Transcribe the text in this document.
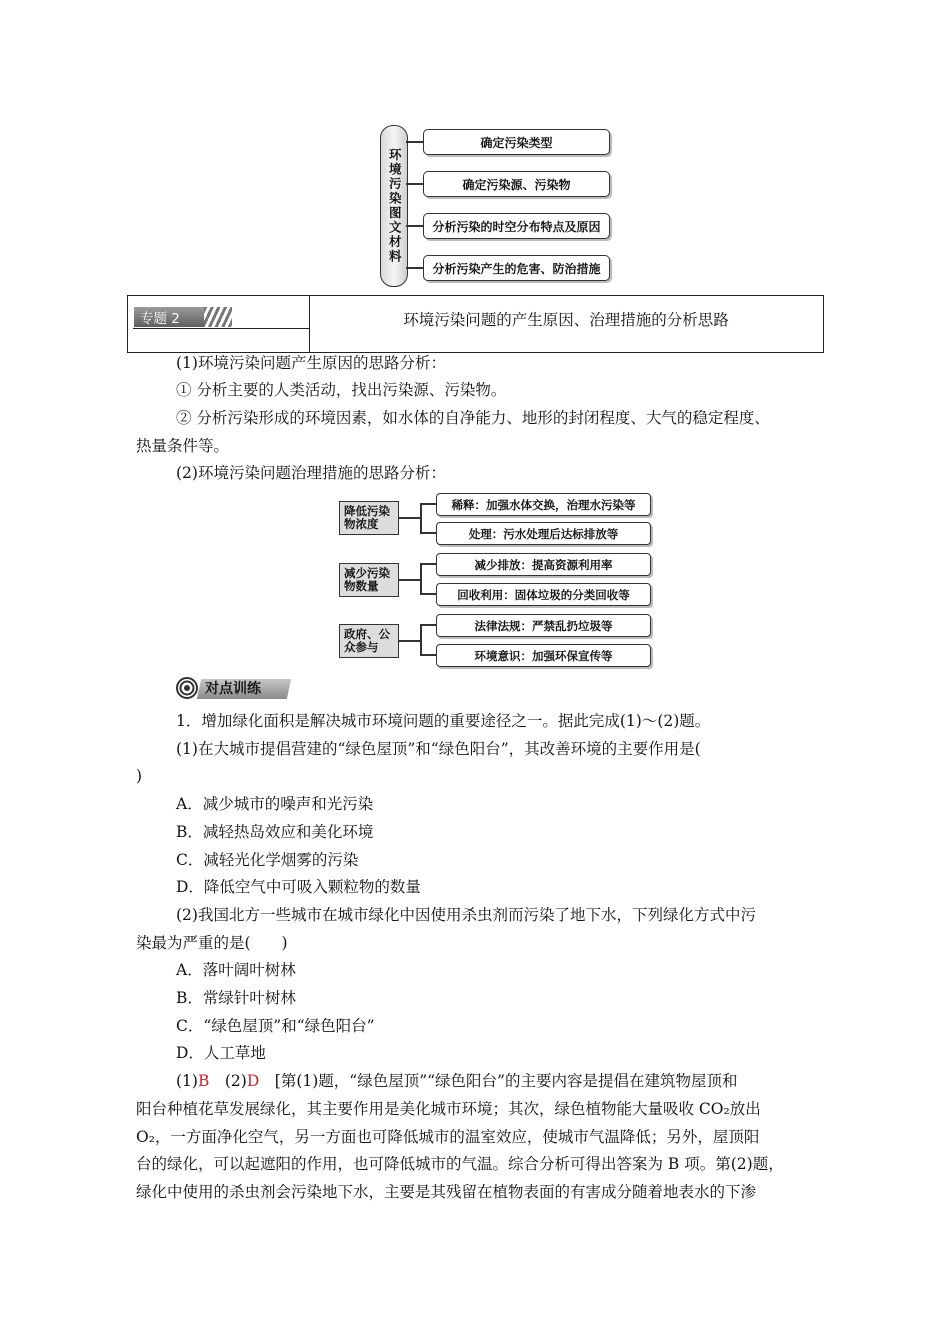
环境污染图文材料
确定污染类型
确定污染源、污染物
分析污染的时空分布特点及原因
分析污染产生的危害、防治措施
专题 2	环境污染问题的产生原因、治理措施的分析思路
(1)环境污染问题产生原因的思路分析：
① 分析主要的人类活动，找出污染源、污染物。
② 分析污染形成的环境因素，如水体的自净能力、地形的封闭程度、大气的稳定程度、
热量条件等。
(2)环境污染问题治理措施的思路分析：
降低污染物浓度
减少污染物数量
政府、公众参与
稀释：加强水体交换，治理水污染等
处理：污水处理后达标排放等
减少排放：提高资源利用率
回收利用：固体垃圾的分类回收等
法律法规：严禁乱扔垃圾等
环境意识：加强环保宣传等
对点训练
1．增加绿化面积是解决城市环境问题的重要途径之一。据此完成(1)～(2)题。
(1)在大城市提倡营建的“绿色屋顶”和“绿色阳台”，其改善环境的主要作用是(
)
A．减少城市的噪声和光污染
B．减轻热岛效应和美化环境
C．减轻光化学烟雾的污染
D．降低空气中可吸入颗粒物的数量
(2)我国北方一些城市在城市绿化中因使用杀虫剂而污染了地下水，下列绿化方式中污
染最为严重的是(　　)
A．落叶阔叶树林
B．常绿针叶树林
C．“绿色屋顶”和“绿色阳台”
D．人工草地
(1)B　(2)D　[第(1)题，“绿色屋顶”“绿色阳台”的主要内容是提倡在建筑物屋顶和
阳台种植花草发展绿化，其主要作用是美化城市环境；其次，绿色植物能大量吸收 CO₂放出
O₂，一方面净化空气，另一方面也可降低城市的温室效应，使城市气温降低；另外，屋顶阳
台的绿化，可以起遮阳的作用，也可降低城市的气温。综合分析可得出答案为 B 项。第(2)题，
绿化中使用的杀虫剂会污染地下水，主要是其残留在植物表面的有害成分随着地表水的下渗
